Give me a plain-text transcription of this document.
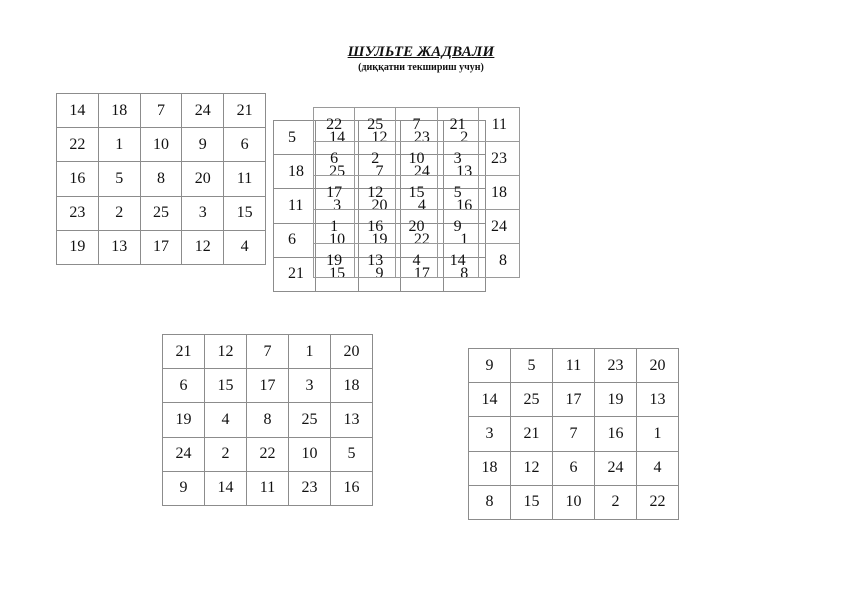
ШУЛЬТЕ ЖАДВАЛИ
(диққатни текшириш учун)
14	18	7	24	21
22	1	10	9	6
16	5	8	20	11
23	2	25	3	15
19	13	17	12	4
5	14	12	23	2
18	25	7	24	13
11	3	20	4	16
6	10	19	22	1
21	15	9	17	8
22	25	7	21	11
6	2	10	3	23
17	12	15	5	18
1	16	20	9	24
19	13	4	14	8
21	12	7	1	20
6	15	17	3	18
19	4	8	25	13
24	2	22	10	5
9	14	11	23	16
9	5	11	23	20
14	25	17	19	13
3	21	7	16	1
18	12	6	24	4
8	15	10	2	22
